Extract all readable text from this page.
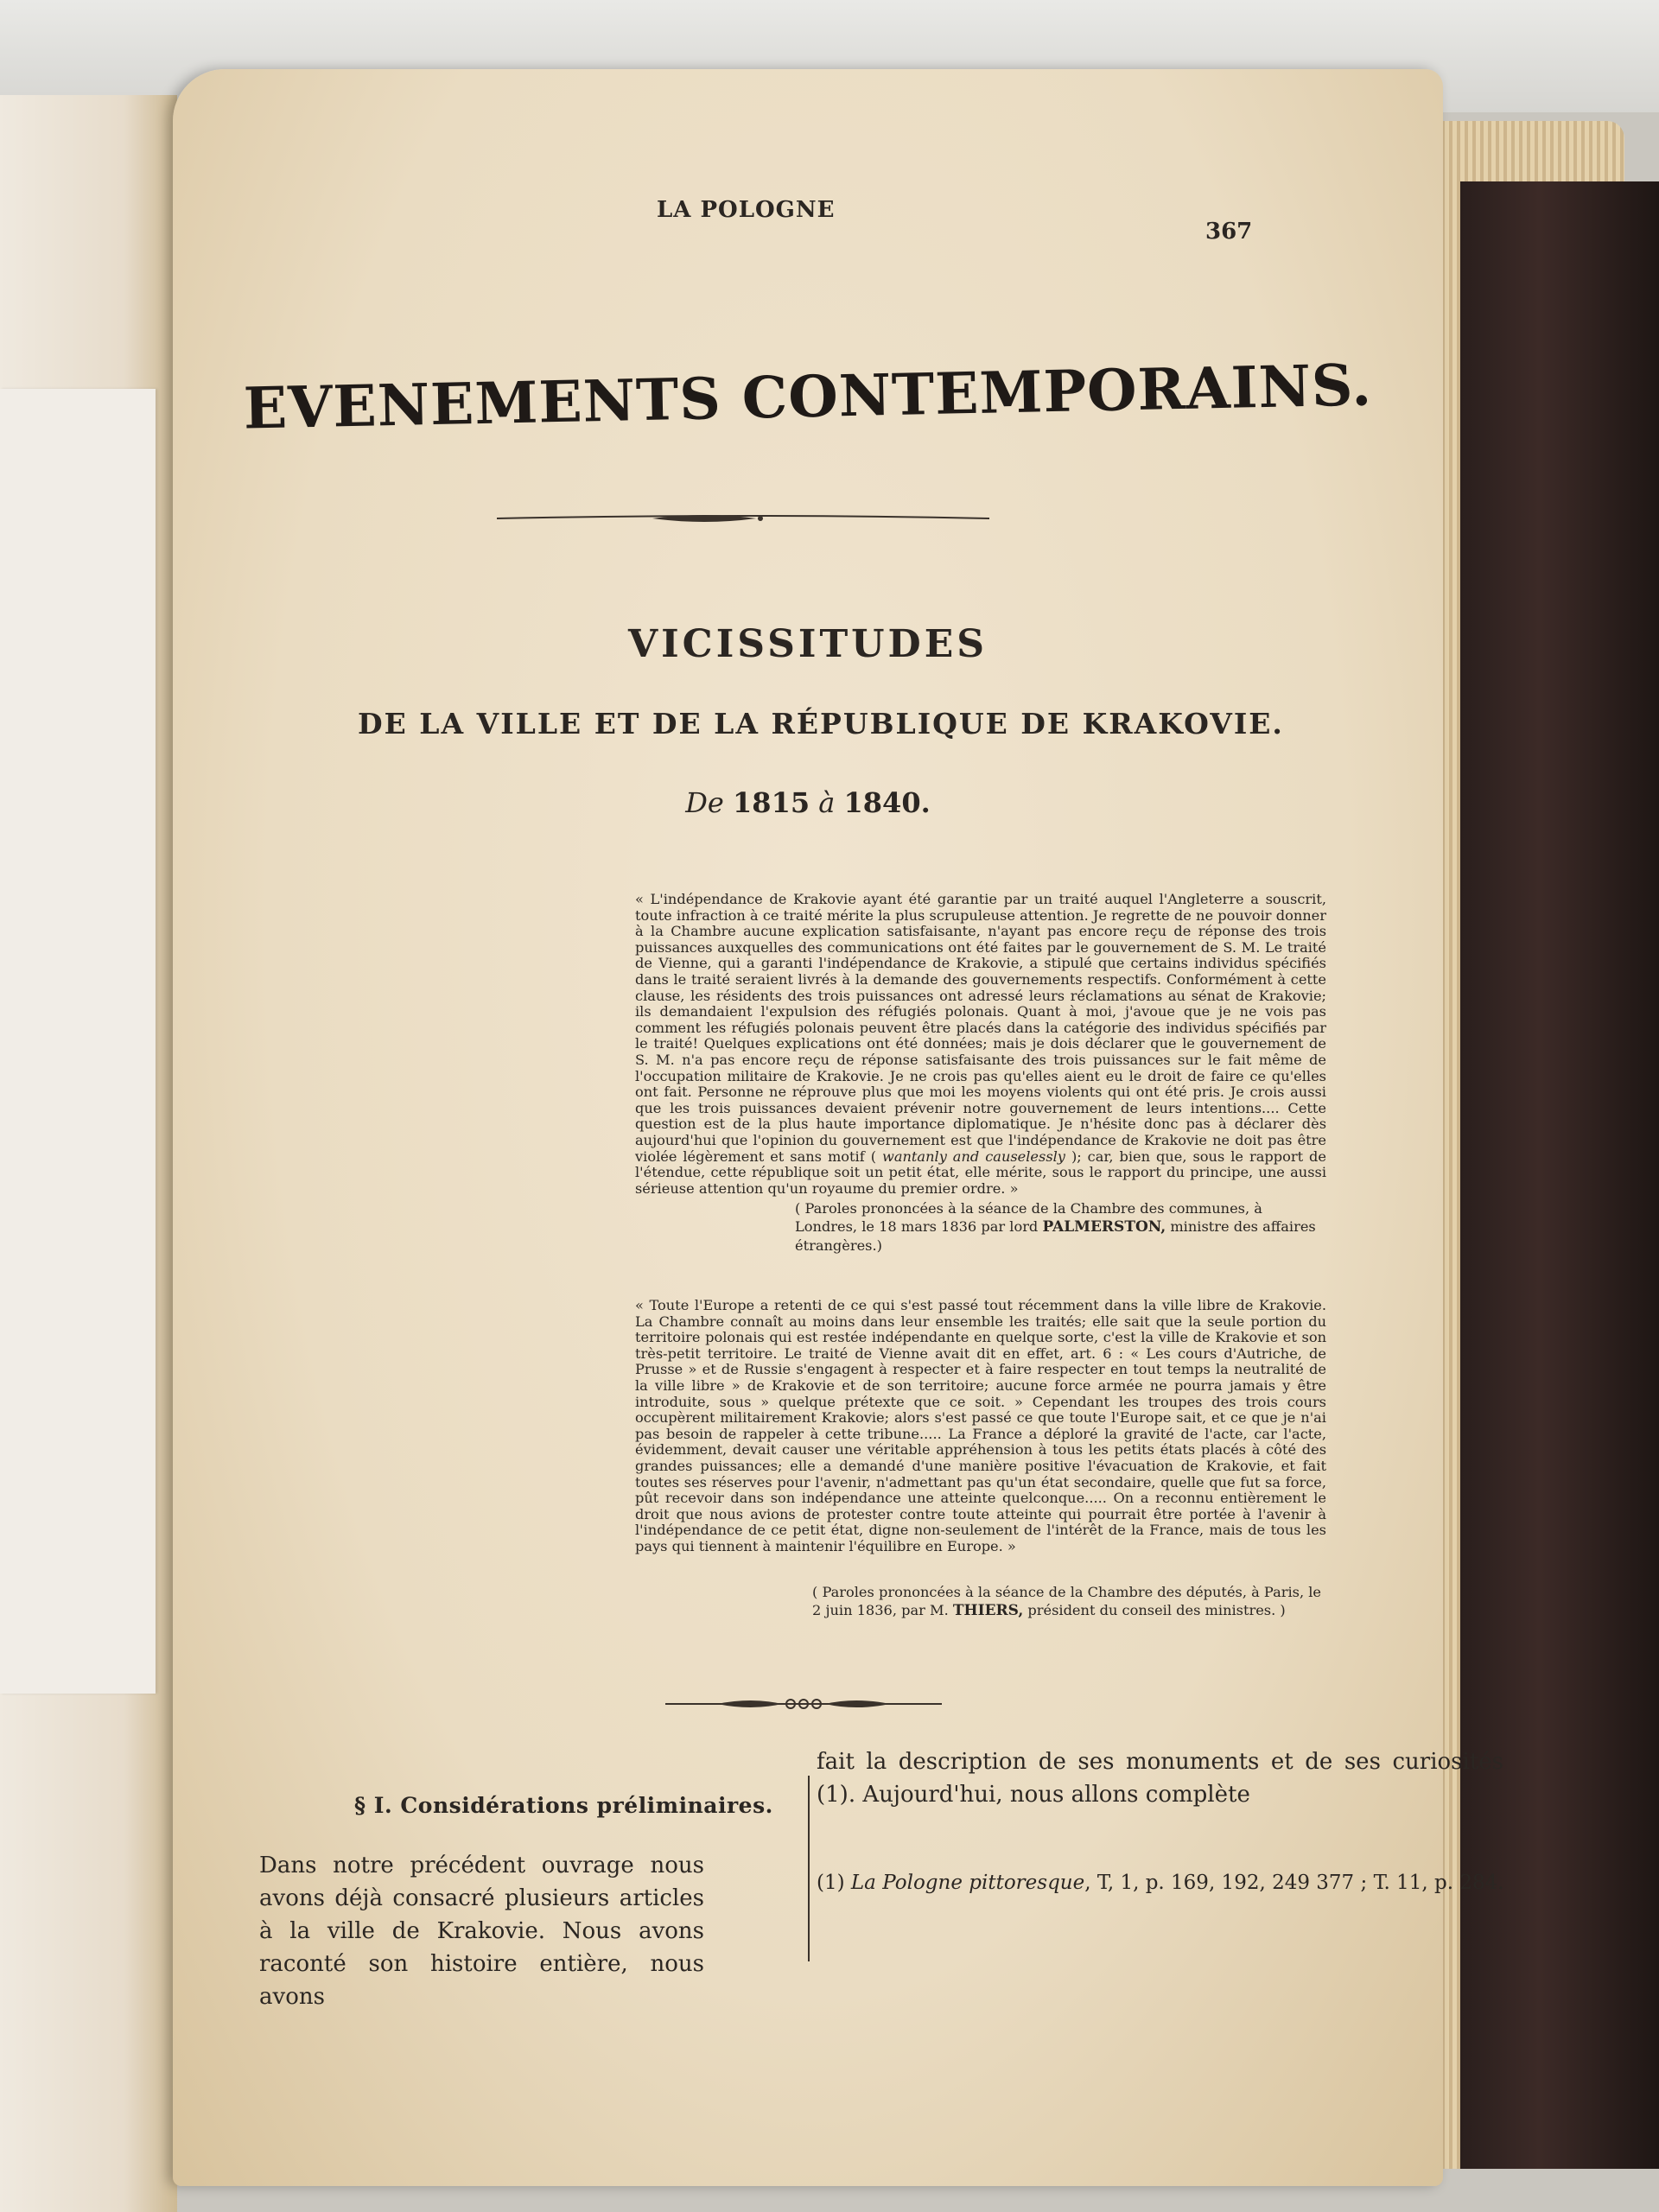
LA POLOGNE
367
EVENEMENTS CONTEMPORAINS.
VICISSITUDES
DE LA VILLE ET DE LA RÉPUBLIQUE DE KRAKOVIE.
De 1815 à 1840.
« L'indépendance de Krakovie ayant été garantie par un traité auquel l'Angleterre a souscrit, toute infraction à ce traité mérite la plus scrupuleuse attention. Je regrette de ne pouvoir donner à la Chambre aucune explication satisfaisante, n'ayant pas encore reçu de réponse des trois puissances auxquelles des communications ont été faites par le gouvernement de S. M. Le traité de Vienne, qui a garanti l'indépendance de Krakovie, a stipulé que certains individus spécifiés dans le traité seraient livrés à la demande des gouvernements respectifs. Conformément à cette clause, les résidents des trois puissances ont adressé leurs réclamations au sénat de Krakovie; ils demandaient l'expulsion des réfugiés polonais. Quant à moi, j'avoue que je ne vois pas comment les réfugiés polonais peuvent être placés dans la catégorie des individus spécifiés par le traité! Quelques explications ont été données; mais je dois déclarer que le gouvernement de S. M. n'a pas encore reçu de réponse satisfaisante des trois puissances sur le fait même de l'occupation militaire de Krakovie. Je ne crois pas qu'elles aient eu le droit de faire ce qu'elles ont fait. Personne ne réprouve plus que moi les moyens violents qui ont été pris. Je crois aussi que les trois puissances devaient prévenir notre gouvernement de leurs intentions.... Cette question est de la plus haute importance diplomatique. Je n'hésite donc pas à déclarer dès aujourd'hui que l'opinion du gouvernement est que l'indépendance de Krakovie ne doit pas être violée légèrement et sans motif ( wantanly and causelessly ); car, bien que, sous le rapport de l'étendue, cette république soit un petit état, elle mérite, sous le rapport du principe, une aussi sérieuse attention qu'un royaume du premier ordre. »
( Paroles prononcées à la séance de la Chambre des communes, à Londres, le 18 mars 1836 par lord PALMERSTON, ministre des affaires étrangères.)
« Toute l'Europe a retenti de ce qui s'est passé tout récemment dans la ville libre de Krakovie. La Chambre connaît au moins dans leur ensemble les traités; elle sait que la seule portion du territoire polonais qui est restée indépendante en quelque sorte, c'est la ville de Krakovie et son très-petit territoire. Le traité de Vienne avait dit en effet, art. 6 : « Les cours d'Autriche, de Prusse » et de Russie s'engagent à respecter et à faire respecter en tout temps la neutralité de la ville libre » de Krakovie et de son territoire; aucune force armée ne pourra jamais y être introduite, sous » quelque prétexte que ce soit. » Cependant les troupes des trois cours occupèrent militairement Krakovie; alors s'est passé ce que toute l'Europe sait, et ce que je n'ai pas besoin de rappeler à cette tribune..... La France a déploré la gravité de l'acte, car l'acte, évidemment, devait causer une véritable appréhension à tous les petits états placés à côté des grandes puissances; elle a demandé d'une manière positive l'évacuation de Krakovie, et fait toutes ses réserves pour l'avenir, n'admettant pas qu'un état secondaire, quelle que fut sa force, pût recevoir dans son indépendance une atteinte quelconque..... On a reconnu entièrement le droit que nous avions de protester contre toute atteinte qui pourrait être portée à l'avenir à l'indépendance de ce petit état, digne non-seulement de l'intérêt de la France, mais de tous les pays qui tiennent à maintenir l'équilibre en Europe. »
( Paroles prononcées à la séance de la Chambre des députés, à Paris, le 2 juin 1836, par M. THIERS, président du conseil des ministres. )
§ I. Considérations préliminaires.
Dans notre précédent ouvrage nous avons déjà consacré plusieurs articles à la ville de Krakovie. Nous avons raconté son histoire entière, nous avons
fait la description de ses monuments et de ses curiosités (1). Aujourd'hui, nous allons complète
(1) La Pologne pittoresque, T, 1, p. 169, 192, 249 377 ; T. 11, p. 284.
